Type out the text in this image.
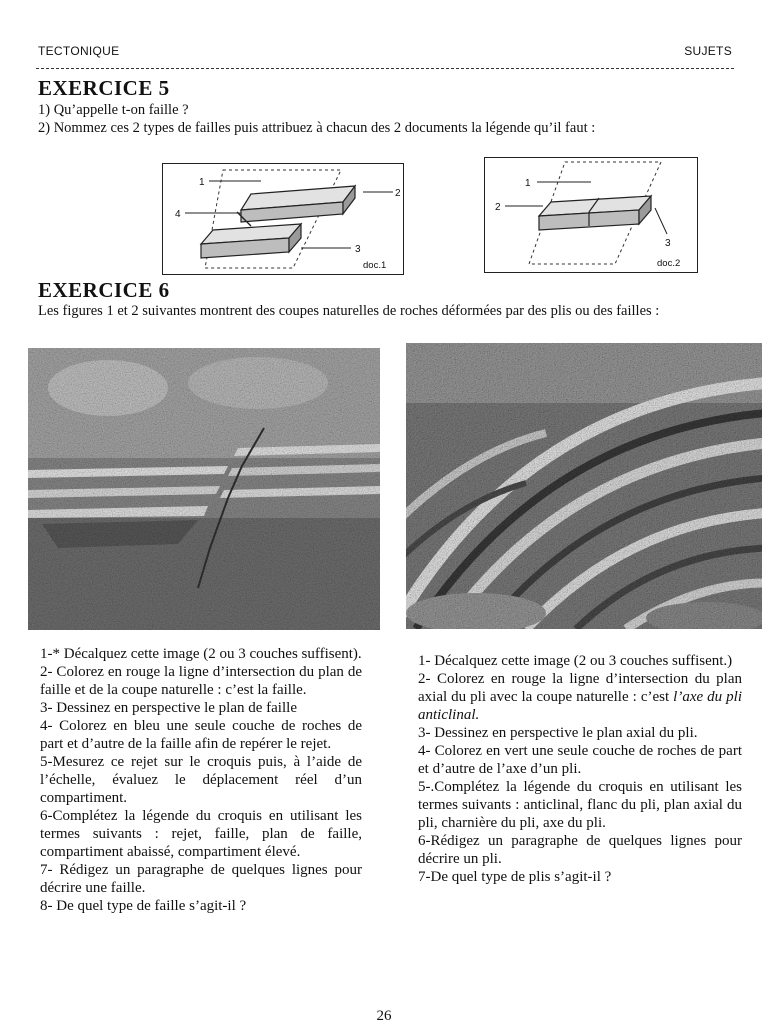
TECTONIQUE	SUJETS
EXERCICE 5
1) Qu’appelle t-on faille ?
2) Nommez ces 2 types de failles puis attribuez à chacun des 2 documents la légende qu’il faut :
1
2
3
4
doc.1
1
2
3
doc.2
EXERCICE 6
Les figures 1 et 2 suivantes montrent des coupes naturelles de roches déformées par des plis ou des failles :

1-* Décalquez cette image (2 ou 3 couches suffisent).

2- Colorez en rouge la ligne d’intersection du plan de faille et de la coupe naturelle : c’est la faille.

3- Dessinez en perspective le plan de faille

4- Colorez en bleu une seule couche de roches de part et d’autre de la faille afin de repérer le rejet.

5-Mesurez ce rejet sur le croquis puis, à l’aide de l’échelle, évaluez le déplacement réel d’un compartiment.

6-Complétez la légende du croquis en utilisant les termes suivants : rejet, faille, plan de faille, compartiment abaissé, compartiment élevé.

7- Rédigez un paragraphe de quelques lignes pour décrire une faille.

8- De quel type de faille s’agit-il ?

1- Décalquez cette image (2 ou 3 couches suffisent.)

2- Colorez en rouge la ligne d’intersection du plan axial du pli avec la coupe naturelle : c’est l’axe du pli anticlinal.

3- Dessinez en perspective le plan axial du pli.

4- Colorez en vert une seule couche de roches de part et d’autre de l’axe d’un pli.

5-.Complétez la légende du croquis en utilisant les termes suivants : anticlinal, flanc du pli, plan axial du pli, charnière du pli, axe du pli.

6-Rédigez un paragraphe de quelques lignes pour décrire un pli.

7-De quel type de plis s’agit-il ?

26
